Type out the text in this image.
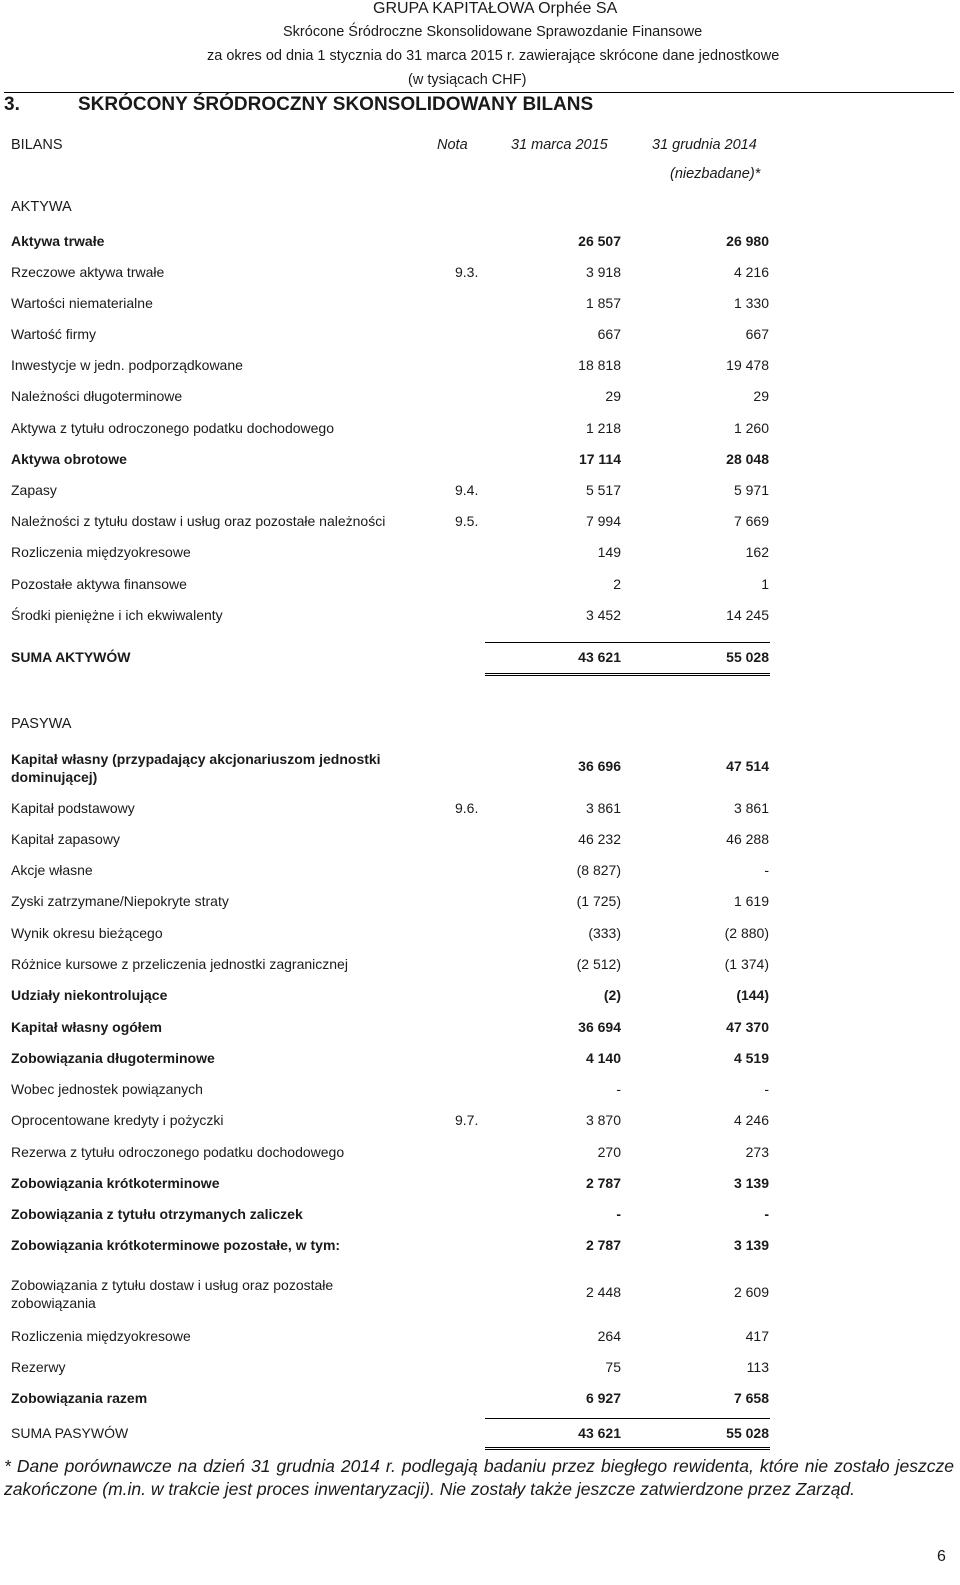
GRUPA KAPITAŁOWA Orphée SA
Skrócone Śródroczne Skonsolidowane Sprawozdanie Finansowe
za okres od dnia 1 stycznia do 31 marca 2015 r. zawierające skrócone dane jednostkowe
(w tysiącach CHF)
3.	SKRÓCONY ŚRÓDROCZNY SKONSOLIDOWANY BILANS
BILANS	Nota	31 marca 2015	31 grudnia 2014
(niezbadane)*
AKTYWA
Aktywa trwałe	26 507	26 980
Rzeczowe aktywa trwałe	9.3.	3 918	4 216
Wartości niematerialne	1 857	1 330
Wartość firmy	667	667
Inwestycje w jedn. podporządkowane	18 818	19 478
Należności długoterminowe	29	29
Aktywa z tytułu odroczonego podatku dochodowego	1 218	1 260
Aktywa obrotowe	17 114	28 048
Zapasy	9.4.	5 517	5 971
Należności z tytułu dostaw i usług oraz pozostałe należności	9.5.	7 994	7 669
Rozliczenia międzyokresowe	149	162
Pozostałe aktywa finansowe	2	1
Środki pieniężne i ich ekwiwalenty	3 452	14 245
SUMA AKTYWÓW	43 621	55 028
PASYWA
Kapitał własny (przypadający akcjonariuszom jednostki dominującej)
36 696	47 514
Kapitał podstawowy	9.6.	3 861	3 861
Kapitał zapasowy	46 232	46 288
Akcje własne	(8 827)	-
Zyski zatrzymane/Niepokryte straty	(1 725)	1 619
Wynik okresu bieżącego	(333)	(2 880)
Różnice kursowe z przeliczenia jednostki zagranicznej	(2 512)	(1 374)
Udziały niekontrolujące	(2)	(144)
Kapitał własny ogółem	36 694	47 370
Zobowiązania długoterminowe	4 140	4 519
Wobec jednostek powiązanych	-	-
Oprocentowane kredyty i pożyczki	9.7.	3 870	4 246
Rezerwa z tytułu odroczonego podatku dochodowego	270	273
Zobowiązania krótkoterminowe	2 787	3 139
Zobowiązania z tytułu otrzymanych zaliczek	-	-
Zobowiązania krótkoterminowe pozostałe, w tym:	2 787	3 139
Zobowiązania z tytułu dostaw i usług oraz pozostałe zobowiązania
2 448	2 609
Rozliczenia międzyokresowe	264	417
Rezerwy	75	113
Zobowiązania razem	6 927	7 658
SUMA PASYWÓW	43 621	55 028
* Dane porównawcze na dzień 31 grudnia 2014 r. podlegają badaniu przez biegłego rewidenta, które nie zostało jeszcze zakończone (m.in. w trakcie jest proces inwentaryzacji). Nie zostały także jeszcze zatwierdzone przez Zarząd.
6
